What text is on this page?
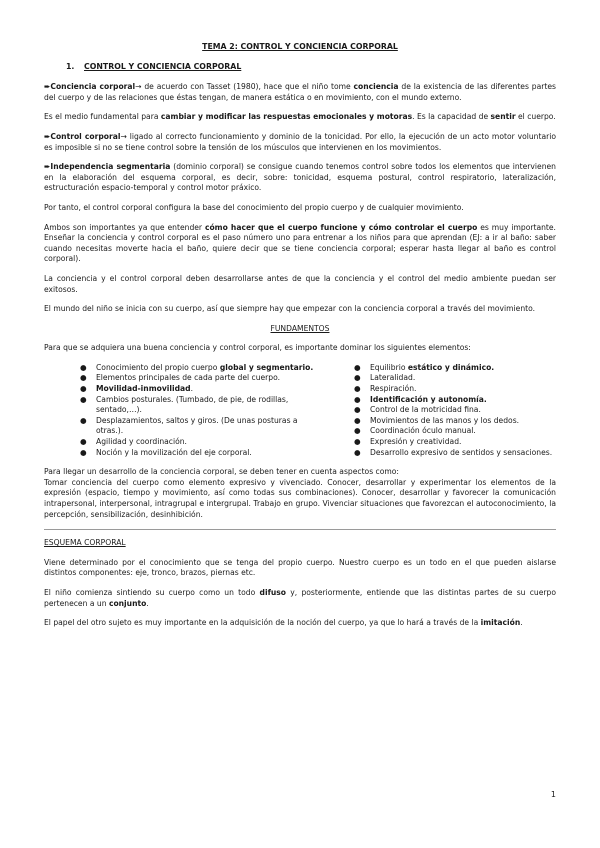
TEMA 2: CONTROL Y CONCIENCIA CORPORAL
1. CONTROL Y CONCIENCIA CORPORAL

➨Conciencia corporal→ de acuerdo con Tasset (1980), hace que el niño tome conciencia de la existencia de las diferentes partes del cuerpo y de las relaciones que éstas tengan, de manera estática o en movimiento, con el mundo externo.

Es el medio fundamental para cambiar y modificar las respuestas emocionales y motoras. Es la capacidad de sentir el cuerpo.

➨Control corporal→ ligado al correcto funcionamiento y dominio de la tonicidad. Por ello, la ejecución de un acto motor voluntario es imposible si no se tiene control sobre la tensión de los músculos que intervienen en los movimientos.

➨Independencia segmentaria (dominio corporal) se consigue cuando tenemos control sobre todos los elementos que intervienen en la elaboración del esquema corporal, es decir, sobre: tonicidad, esquema postural, control respiratorio, lateralización, estructuración espacio-temporal y control motor práxico.

Por tanto, el control corporal configura la base del conocimiento del propio cuerpo y de cualquier movimiento.

Ambos son importantes ya que entender cómo hacer que el cuerpo funcione y cómo controlar el cuerpo es muy importante. Enseñar la conciencia y control corporal es el paso número uno para entrenar a los niños para que aprendan (EJ: a ir al baño: saber cuando necesitas moverte hacia el baño, quiere decir que se tiene conciencia corporal; esperar hasta llegar al baño es control corporal).

La conciencia y el control corporal deben desarrollarse antes de que la conciencia y el control del medio ambiente puedan ser exitosos.

El mundo del niño se inicia con su cuerpo, así que siempre hay que empezar con la conciencia corporal a través del movimiento.

FUNDAMENTOS

Para que se adquiera una buena conciencia y control corporal, es importante dominar los siguientes elementos:

● Conocimiento del propio cuerpo global y segmentario.
● Elementos principales de cada parte del cuerpo.
● Movilidad-inmovilidad.
● Cambios posturales. (Tumbado, de pie, de rodillas, sentado,…).
● Desplazamientos, saltos y giros. (De unas posturas a otras.).
● Agilidad y coordinación.
● Noción y la movilización del eje corporal.
● Equilibrio estático y dinámico.
● Lateralidad.
● Respiración.
● Identificación y autonomía.
● Control de la motricidad fina.
● Movimientos de las manos y los dedos.
● Coordinación óculo manual.
● Expresión y creatividad.
● Desarrollo expresivo de sentidos y sensaciones.

Para llegar un desarrollo de la conciencia corporal, se deben tener en cuenta aspectos como:

Tomar conciencia del cuerpo como elemento expresivo y vivenciado. Conocer, desarrollar y experimentar los elementos de la expresión (espacio, tiempo y movimiento, así como todas sus combinaciones). Conocer, desarrollar y favorecer la comunicación intrapersonal, interpersonal, intragrupal e intergrupal. Trabajo en grupo. Vivenciar situaciones que favorezcan el autoconocimiento, la percepción, sensibilización, desinhibición.

ESQUEMA CORPORAL

Viene determinado por el conocimiento que se tenga del propio cuerpo. Nuestro cuerpo es un todo en el que pueden aislarse distintos componentes: eje, tronco, brazos, piernas etc.

El niño comienza sintiendo su cuerpo como un todo difuso y, posteriormente, entiende que las distintas partes de su cuerpo pertenecen a un conjunto.

El papel del otro sujeto es muy importante en la adquisición de la noción del cuerpo, ya que lo hará a través de la imitación.

1
